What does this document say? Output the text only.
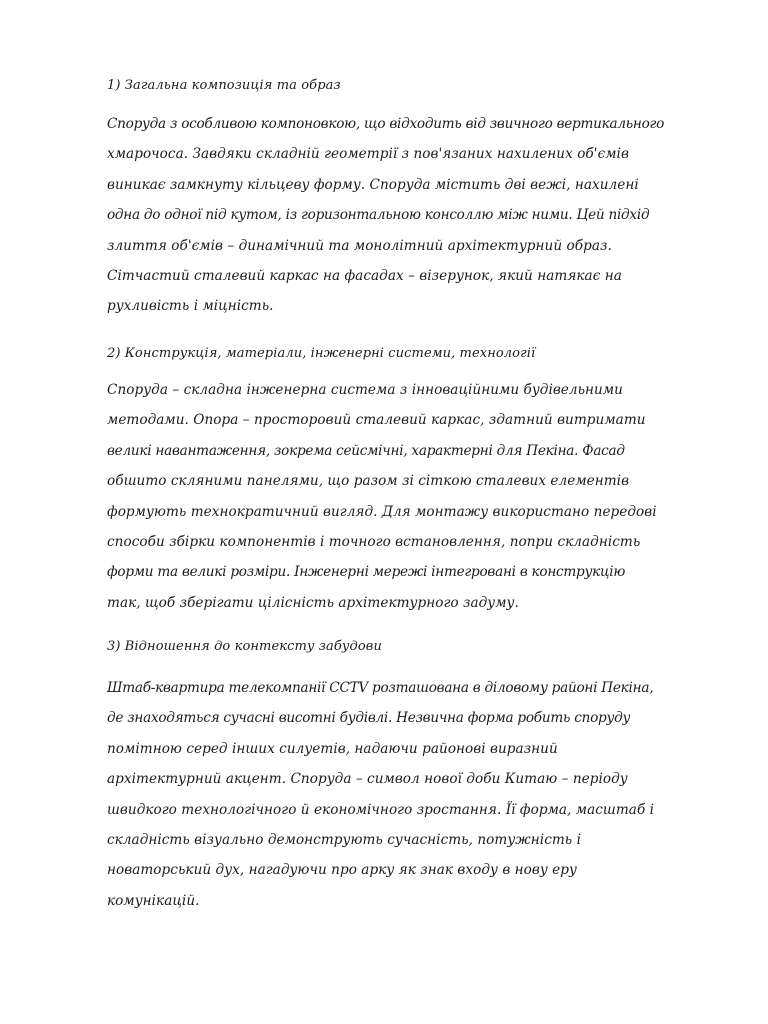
1) Загальна композиція та образ
Споруда з особливою компоновкою, що відходить від звичного вертикального
хмарочоса. Завдяки складній геометрії з пов'язаних нахилених об'ємів
виникає замкнуту кільцеву форму. Споруда містить дві вежі, нахилені
одна до одної під кутом, із горизонтальною консоллю між ними. Цей підхід
злиття об'ємів – динамічний та монолітний архітектурний образ.
Сітчастий сталевий каркас на фасадах – візерунок, який натякає на
рухливість і міцність.
2) Конструкція, матеріали, інженерні системи, технології
Споруда – складна інженерна система з інноваційними будівельними
методами. Опора – просторовий сталевий каркас, здатний витримати
великі навантаження, зокрема сейсмічні, характерні для Пекіна. Фасад
обшито скляними панелями, що разом зі сіткою сталевих елементів
формують технократичний вигляд. Для монтажу використано передові
способи збірки компонентів і точного встановлення, попри складність
форми та великі розміри. Інженерні мережі інтегровані в конструкцію
так, щоб зберігати цілісність архітектурного задуму.
3) Відношення до контексту забудови
Штаб-квартира телекомпанії CCTV розташована в діловому районі Пекіна,
де знаходяться сучасні висотні будівлі. Незвична форма робить споруду
помітною серед інших силуетів, надаючи районові виразний
архітектурний акцент. Споруда – символ нової доби Китаю – періоду
швидкого технологічного й економічного зростання. Її форма, масштаб і
складність візуально демонструють сучасність, потужність і
новаторський дух, нагадуючи про арку як знак входу в нову еру
комунікацій.
